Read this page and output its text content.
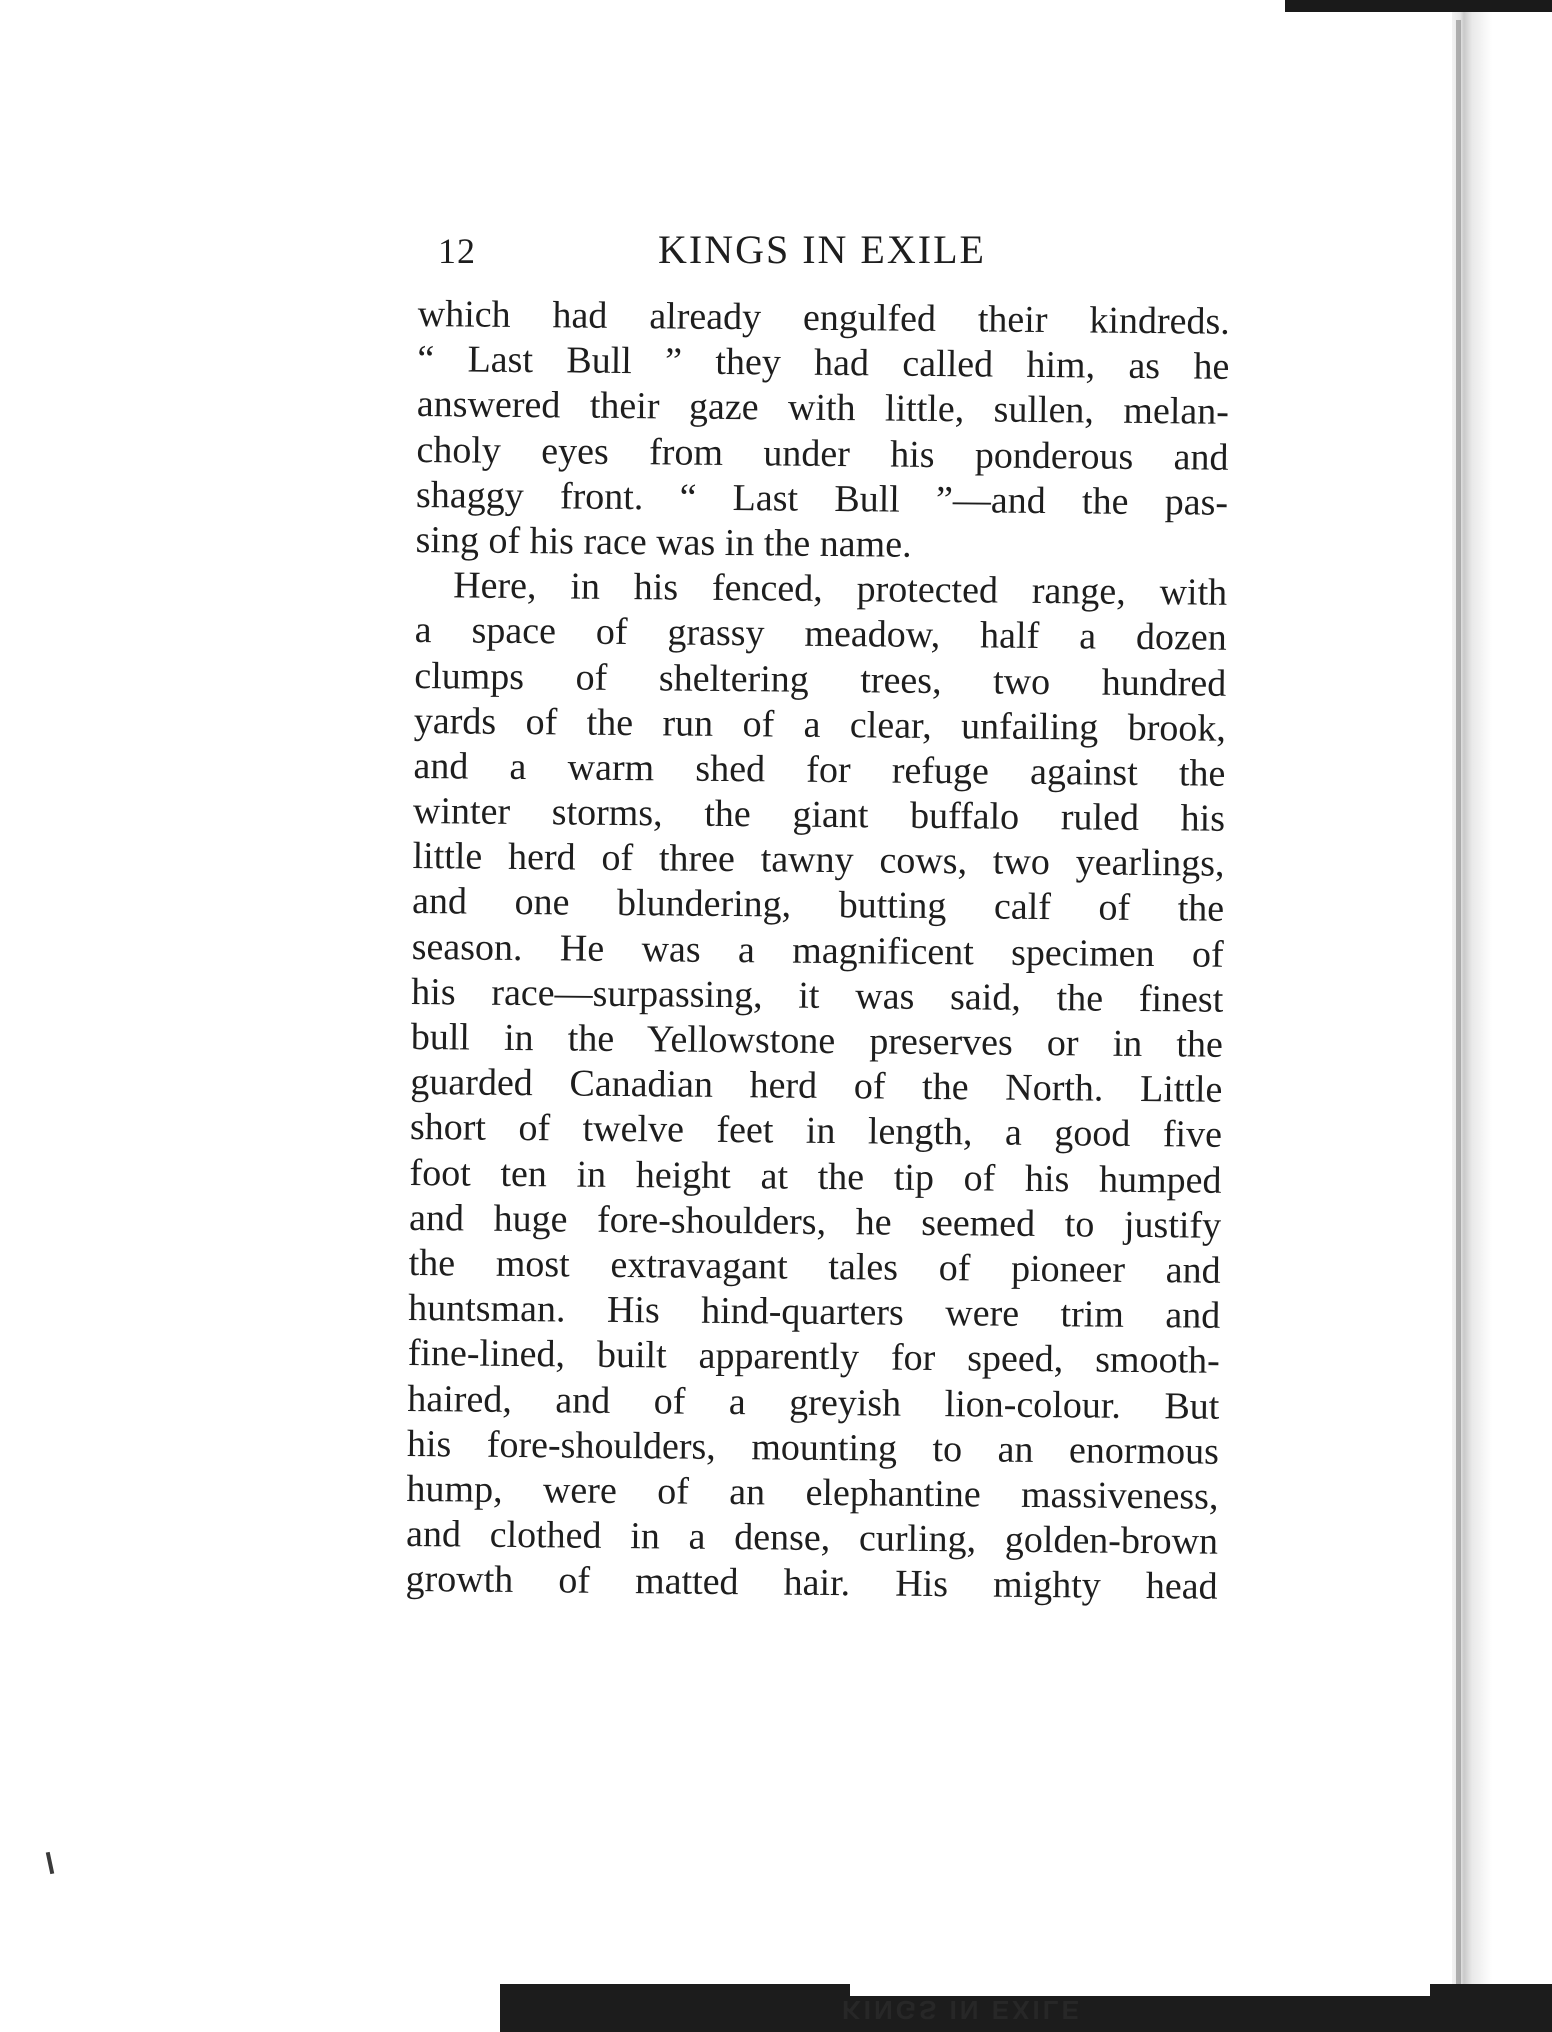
KINGS IN EXILE
12	KINGS IN EXILE
which had already engulfed their kindreds.
“ Last Bull ” they had called him, as he
answered their gaze with little, sullen, melan-
choly eyes from under his ponderous and
shaggy front. “ Last Bull ”—and the pas-
sing of his race was in the name.
Here, in his fenced, protected range, with
a space of grassy meadow, half a dozen
clumps of sheltering trees, two hundred
yards of the run of a clear, unfailing brook,
and a warm shed for refuge against the
winter storms, the giant buffalo ruled his
little herd of three tawny cows, two yearlings,
and one blundering, butting calf of the
season. He was a magnificent specimen of
his race—surpassing, it was said, the finest
bull in the Yellowstone preserves or in the
guarded Canadian herd of the North. Little
short of twelve feet in length, a good five
foot ten in height at the tip of his humped
and huge fore-shoulders, he seemed to justify
the most extravagant tales of pioneer and
huntsman. His hind-quarters were trim and
fine-lined, built apparently for speed, smooth-
haired, and of a greyish lion-colour. But
his fore-shoulders, mounting to an enormous
hump, were of an elephantine massiveness,
and clothed in a dense, curling, golden-brown
growth of matted hair. His mighty head
